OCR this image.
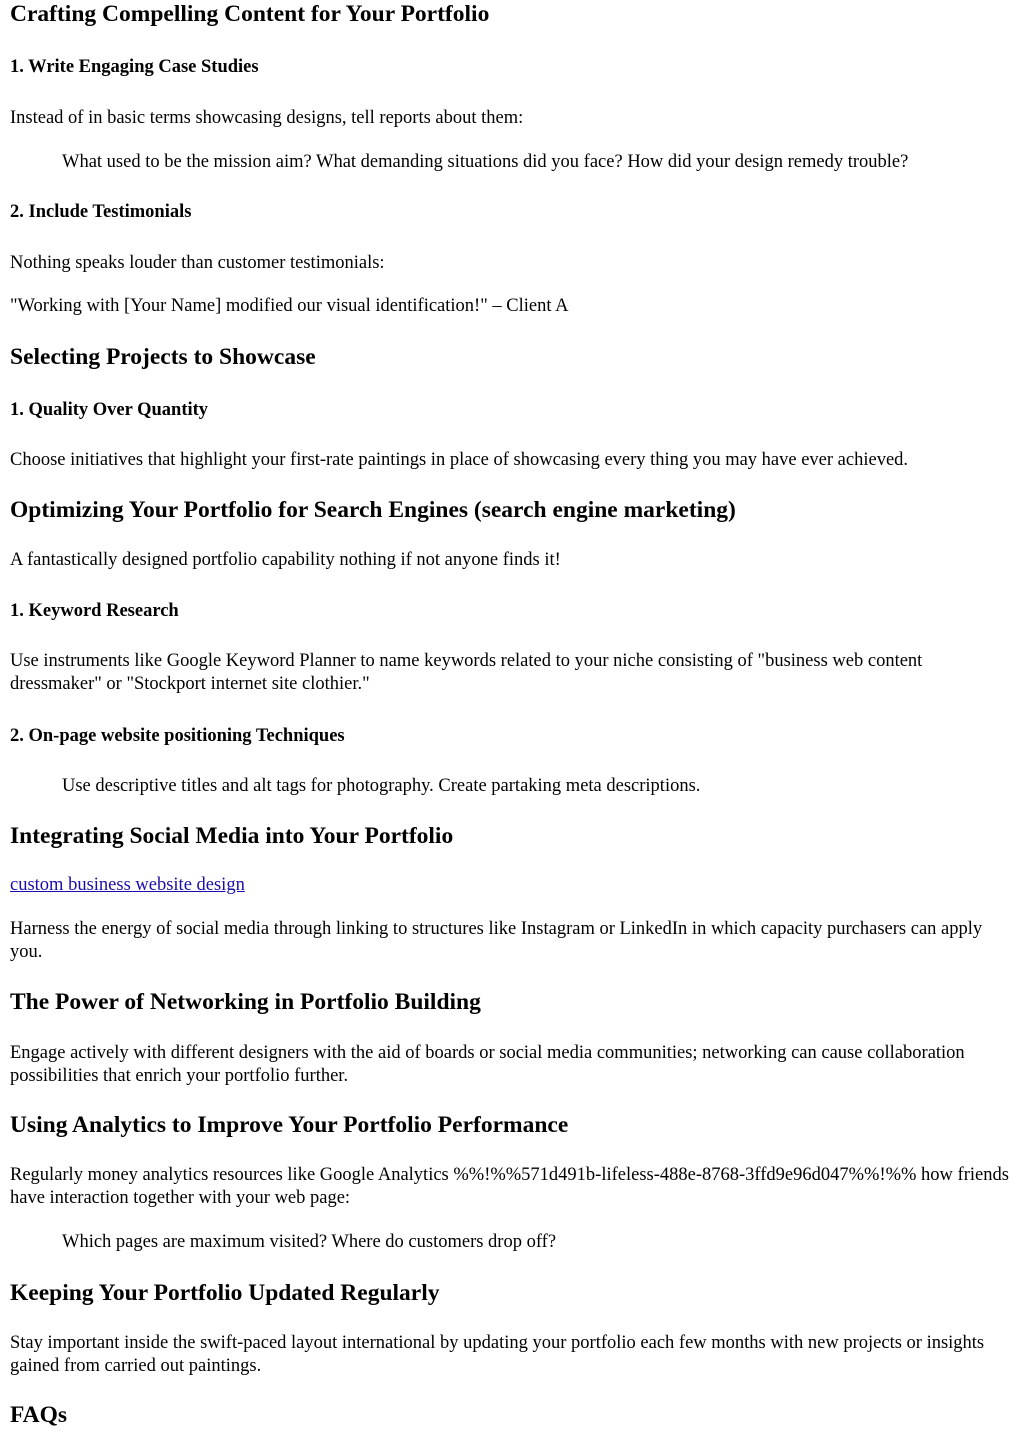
Crafting Compelling Content for Your Portfolio
1. Write Engaging Case Studies

Instead of in basic terms showcasing designs, tell reports about them:

What used to be the mission aim? What demanding situations did you face? How did your design remedy trouble?
2. Include Testimonials

Nothing speaks louder than customer testimonials:

"Working with [Your Name] modified our visual identification!" – Client A

Selecting Projects to Showcase
1. Quality Over Quantity

Choose initiatives that highlight your first-rate paintings in place of showcasing every thing you may have ever achieved.

Optimizing Your Portfolio for Search Engines (search engine marketing)

A fantastically designed portfolio capability nothing if not anyone finds it!

1. Keyword Research

Use instruments like Google Keyword Planner to name keywords related to your niche consisting of "business web content dressmaker" or "Stockport internet site clothier."

2. On-page website positioning Techniques
Use descriptive titles and alt tags for photography. Create partaking meta descriptions.
Integrating Social Media into Your Portfolio

custom business website design

Harness the energy of social media through linking to structures like Instagram or LinkedIn in which capacity purchasers can apply you.

The Power of Networking in Portfolio Building

Engage actively with different designers with the aid of boards or social media communities; networking can cause collaboration possibilities that enrich your portfolio further.

Using Analytics to Improve Your Portfolio Performance

Regularly money analytics resources like Google Analytics %%!%%571d491b-lifeless-488e-8768-3ffd9e96d047%%!%% how friends have interaction together with your web page:

Which pages are maximum visited? Where do customers drop off?
Keeping Your Portfolio Updated Regularly

Stay important inside the swift-paced layout international by updating your portfolio each few months with new projects or insights gained from carried out paintings.

FAQs
